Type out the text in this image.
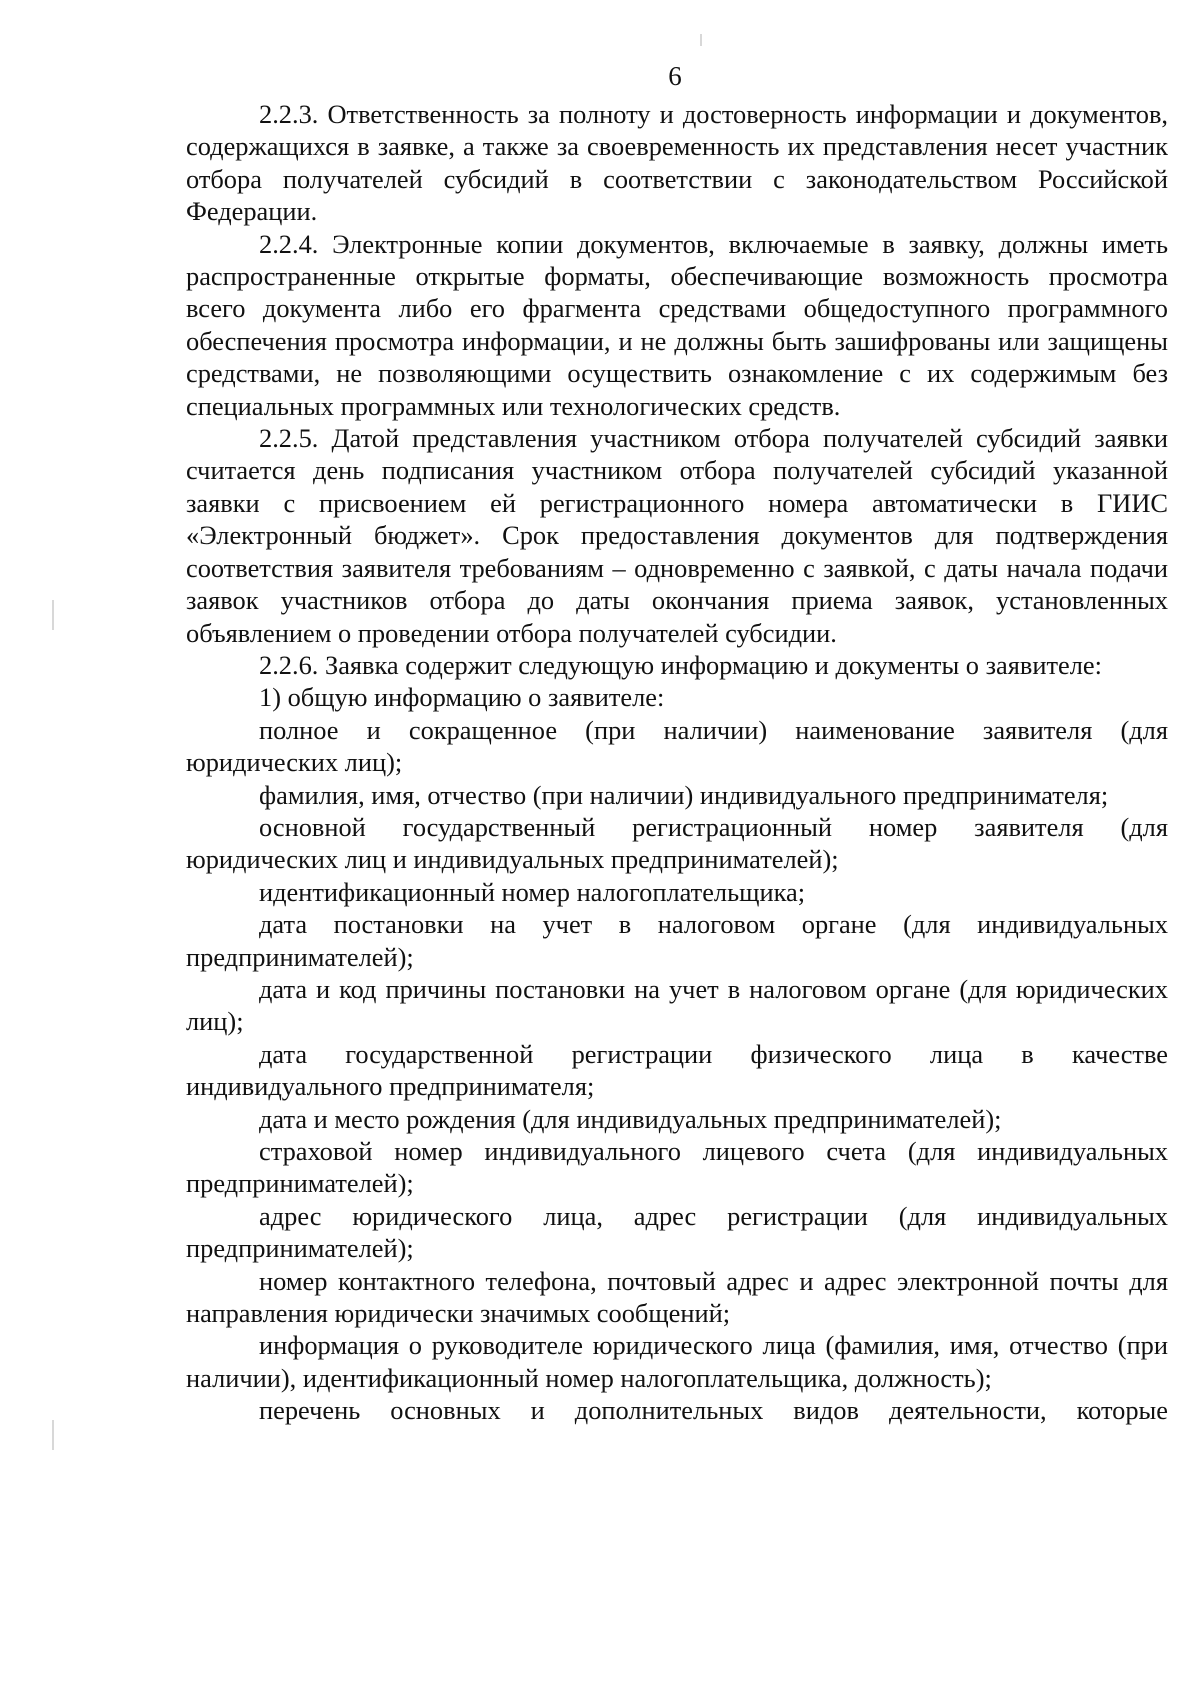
6

2.2.3. Ответственность за полноту и достоверность информации и документов, содержащихся в заявке, а также за своевременность их представления несет участник отбора получателей субсидий в соответствии с законодательством Российской Федерации.

2.2.4. Электронные копии документов, включаемые в заявку, должны иметь распространенные открытые форматы, обеспечивающие возможность просмотра всего документа либо его фрагмента средствами общедоступного программного обеспечения просмотра информации, и не должны быть зашифрованы или защищены средствами, не позволяющими осуществить ознакомление с их содержимым без специальных программных или технологических средств.

2.2.5. Датой представления участником отбора получателей субсидий заявки считается день подписания участником отбора получателей субсидий указанной заявки с присвоением ей регистрационного номера автоматически в ГИИС «Электронный бюджет». Срок предоставления документов для подтверждения соответствия заявителя требованиям – одновременно с заявкой, с даты начала подачи заявок участников отбора до даты окончания приема заявок, установленных объявлением о проведении отбора получателей субсидии.

2.2.6. Заявка содержит следующую информацию и документы о заявителе:

1) общую информацию о заявителе:

полное и сокращенное (при наличии) наименование заявителя (для юридических лиц);

фамилия, имя, отчество (при наличии) индивидуального предпринимателя;

основной государственный регистрационный номер заявителя (для юридических лиц и индивидуальных предпринимателей);

идентификационный номер налогоплательщика;

дата постановки на учет в налоговом органе (для индивидуальных предпринимателей);

дата и код причины постановки на учет в налоговом органе (для юридических лиц);

дата государственной регистрации физического лица в качестве индивидуального предпринимателя;

дата и место рождения (для индивидуальных предпринимателей);

страховой номер индивидуального лицевого счета (для индивидуальных предпринимателей);

адрес юридического лица, адрес регистрации (для индивидуальных предпринимателей);

номер контактного телефона, почтовый адрес и адрес электронной почты для направления юридически значимых сообщений;

информация о руководителе юридического лица (фамилия, имя, отчество (при наличии), идентификационный номер налогоплательщика, должность);

перечень основных и дополнительных видов деятельности, которые
